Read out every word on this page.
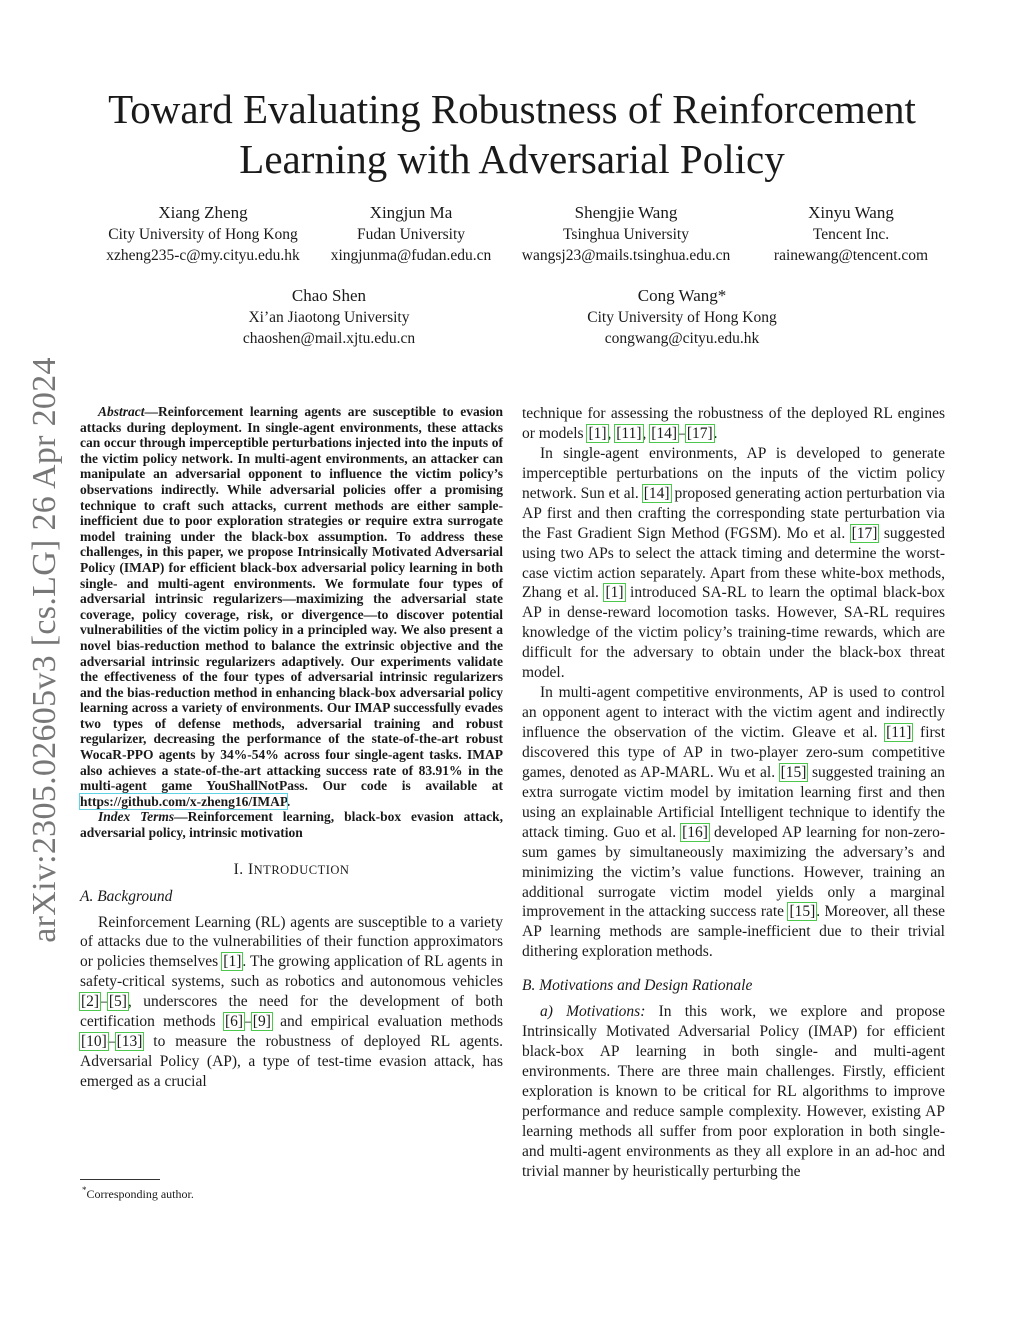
arXiv:2305.02605v3 [cs.LG] 26 Apr 2024
Toward Evaluating Robustness of Reinforcement
Learning with Adversarial Policy
Xiang Zheng
City University of Hong Kong
xzheng235-c@my.cityu.edu.hk
Xingjun Ma
Fudan University
xingjunma@fudan.edu.cn
Shengjie Wang
Tsinghua University
wangsj23@mails.tsinghua.edu.cn
Xinyu Wang
Tencent Inc.
rainewang@tencent.com
Chao Shen
Xi’an Jiaotong University
chaoshen@mail.xjtu.edu.cn
Cong Wang*
City University of Hong Kong
congwang@cityu.edu.hk

Abstract—Reinforcement learning agents are susceptible to evasion attacks during deployment. In single-agent environments, these attacks can occur through imperceptible perturbations injected into the inputs of the victim policy network. In multi-agent environments, an attacker can manipulate an adversarial opponent to influence the victim policy’s observations indirectly. While adversarial policies offer a promising technique to craft such attacks, current methods are either sample-inefficient due to poor exploration strategies or require extra surrogate model training under the black-box assumption. To address these challenges, in this paper, we propose Intrinsically Motivated Adversarial Policy (IMAP) for efficient black-box adversarial policy learning in both single- and multi-agent environments. We formulate four types of adversarial intrinsic regularizers—maximizing the adversarial state coverage, policy coverage, risk, or divergence—to discover potential vulnerabilities of the victim policy in a principled way. We also present a novel bias-reduction method to balance the extrinsic objective and the adversarial intrinsic regularizers adaptively. Our experiments validate the effectiveness of the four types of adversarial intrinsic regularizers and the bias-reduction method in enhancing black-box adversarial policy learning across a variety of environments. Our IMAP successfully evades two types of defense methods, adversarial training and robust regularizer, decreasing the performance of the state-of-the-art robust WocaR-PPO agents by 34%-54% across four single-agent tasks. IMAP also achieves a state-of-the-art attacking success rate of 83.91% in the multi-agent game YouShallNotPass. Our code is available at https://github.com/x-zheng16/IMAP.

Index Terms—Reinforcement learning, black-box evasion attack, adversarial policy, intrinsic motivation

I. INTRODUCTION
A. Background

Reinforcement Learning (RL) agents are susceptible to a variety of attacks due to the vulnerabilities of their function approximators or policies themselves [1]. The growing application of RL agents in safety-critical systems, such as robotics and autonomous vehicles [2]–[5], underscores the need for the development of both certification methods [6]–[9] and empirical evaluation methods [10]–[13] to measure the robustness of deployed RL agents. Adversarial Policy (AP), a type of test-time evasion attack, has emerged as a crucial

technique for assessing the robustness of the deployed RL engines or models [1], [11], [14]–[17].

In single-agent environments, AP is developed to generate imperceptible perturbations on the inputs of the victim policy network. Sun et al. [14] proposed generating action perturbation via AP first and then crafting the corresponding state perturbation via the Fast Gradient Sign Method (FGSM). Mo et al. [17] suggested using two APs to select the attack timing and determine the worst-case victim action separately. Apart from these white-box methods, Zhang et al. [1] introduced SA-RL to learn the optimal black-box AP in dense-reward locomotion tasks. However, SA-RL requires knowledge of the victim policy’s training-time rewards, which are difficult for the adversary to obtain under the black-box threat model.

In multi-agent competitive environments, AP is used to control an opponent agent to interact with the victim agent and indirectly influence the observation of the victim. Gleave et al. [11] first discovered this type of AP in two-player zero-sum competitive games, denoted as AP-MARL. Wu et al. [15] suggested training an extra surrogate victim model by imitation learning first and then using an explainable Artificial Intelligent technique to identify the attack timing. Guo et al. [16] developed AP learning for non-zero-sum games by simultaneously maximizing the adversary’s and minimizing the victim’s value functions. However, training an additional surrogate victim model yields only a marginal improvement in the attacking success rate [15]. Moreover, all these AP learning methods are sample-inefficient due to their trivial dithering exploration methods.

B. Motivations and Design Rationale

a) Motivations: In this work, we explore and propose Intrinsically Motivated Adversarial Policy (IMAP) for efficient black-box AP learning in both single- and multi-agent environments. There are three main challenges. Firstly, efficient exploration is known to be critical for RL algorithms to improve performance and reduce sample complexity. However, existing AP learning methods all suffer from poor exploration in both single- and multi-agent environments as they all explore in an ad-hoc and trivial manner by heuristically perturbing the

*Corresponding author.
